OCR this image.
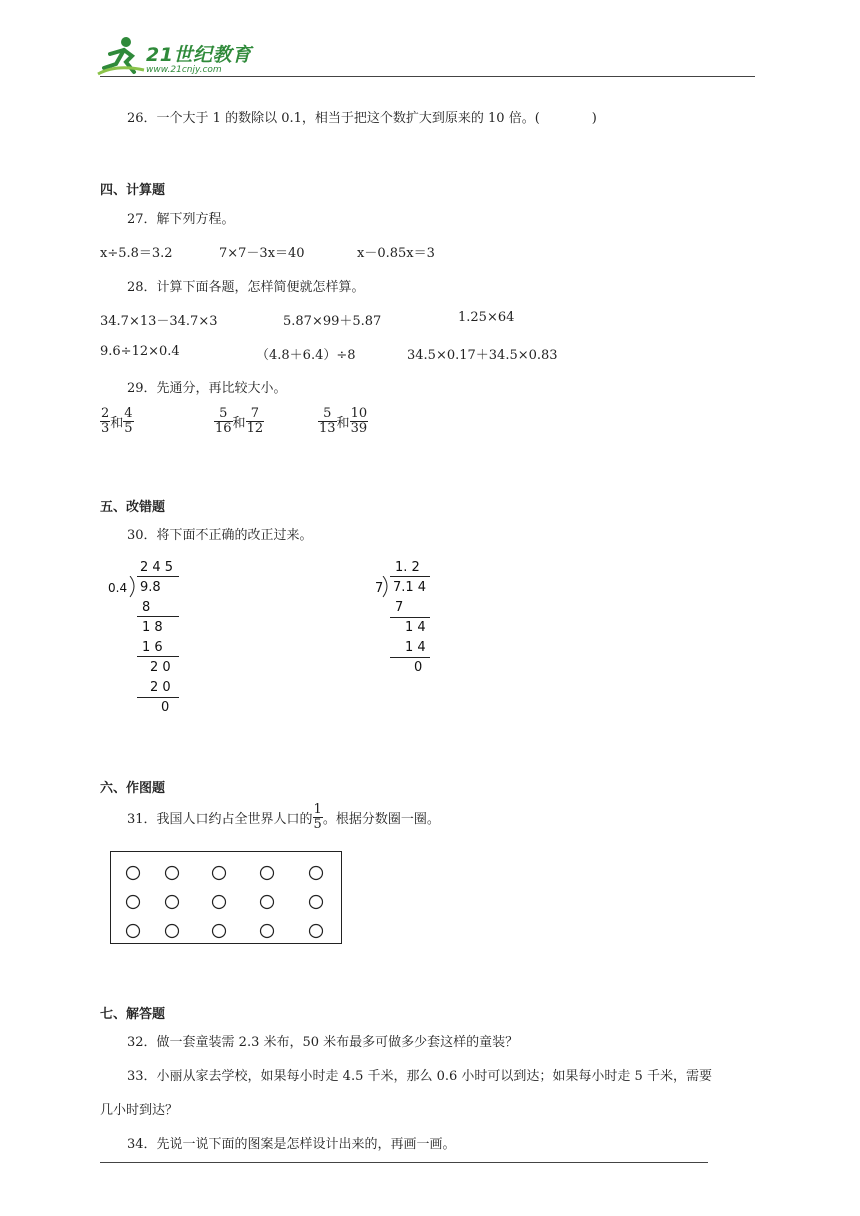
21世纪教育
www.21cnjy.com
26．一个大于 1 的数除以 0.1，相当于把这个数扩大到原来的 10 倍。(　　　　)
四、计算题
27．解下列方程。
x÷5.8＝3.2	7×7－3x＝40	x－0.85x＝3
28．计算下面各题，怎样简便就怎样算。
34.7×13－34.7×3	5.87×99＋5.87	1.25×64
9.6÷12×0.4	（4.8＋6.4）÷8	34.5×0.17＋34.5×0.83
29．先通分，再比较大小。
$\frac{2}{3}$ 和 $\frac{4}{5}$	$\frac{5}{16}$ 和 $\frac{7}{12}$	$\frac{5}{13}$ 和 $\frac{10}{39}$
五、改错题
30．将下面不正确的改正过来。
2 4 5
0.4 9.8
8
1 8
1 6
2 0
2 0
0
1. 2
7 7.1 4
7
1 4
1 4
0
六、作图题
31．我国人口约占全世界人口的 $\frac{1}{5}$ 。根据分数圈一圈。
七、解答题
32．做一套童装需 2.3 米布，50 米布最多可做多少套这样的童装？
33．小丽从家去学校，如果每小时走 4.5 千米，那么 0.6 小时可以到达；如果每小时走 5 千米，需要
几小时到达？
34．先说一说下面的图案是怎样设计出来的，再画一画。
